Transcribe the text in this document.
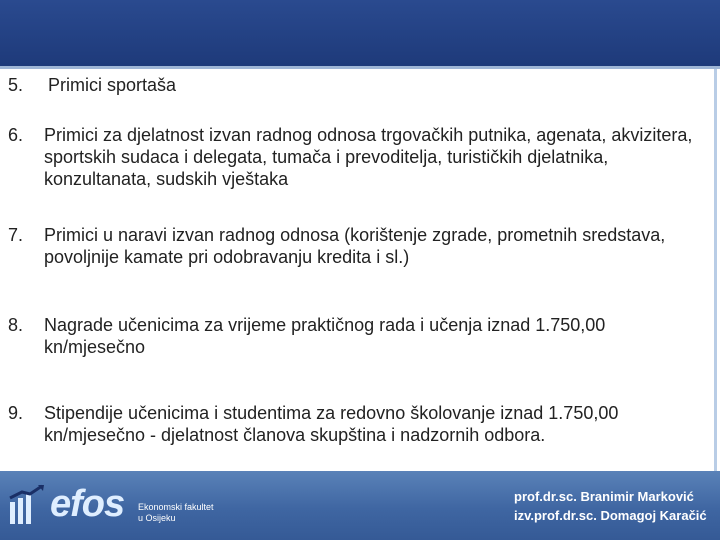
5.	Primici sportaša
6.	Primici za djelatnost izvan radnog odnosa trgovačkih putnika, agenata, akvizitera, sportskih sudaca i delegata, tumača i prevoditelja, turističkih djelatnika, konzultanata, sudskih vještaka
7.	Primici u naravi izvan radnog odnosa (korištenje zgrade, prometnih sredstava, povoljnije kamate pri odobravanju kredita i sl.)
8.	Nagrade učenicima za vrijeme praktičnog rada i učenja iznad 1.750,00 kn/mjesečno
9.	Stipendije učenicima i studentima za redovno školovanje iznad 1.750,00 kn/mjesečno - djelatnost članova skupština i nadzornih odbora.
efos Ekonomski fakultet
u Osijeku
prof.dr.sc. Branimir Marković
izv.prof.dr.sc. Domagoj Karačić
